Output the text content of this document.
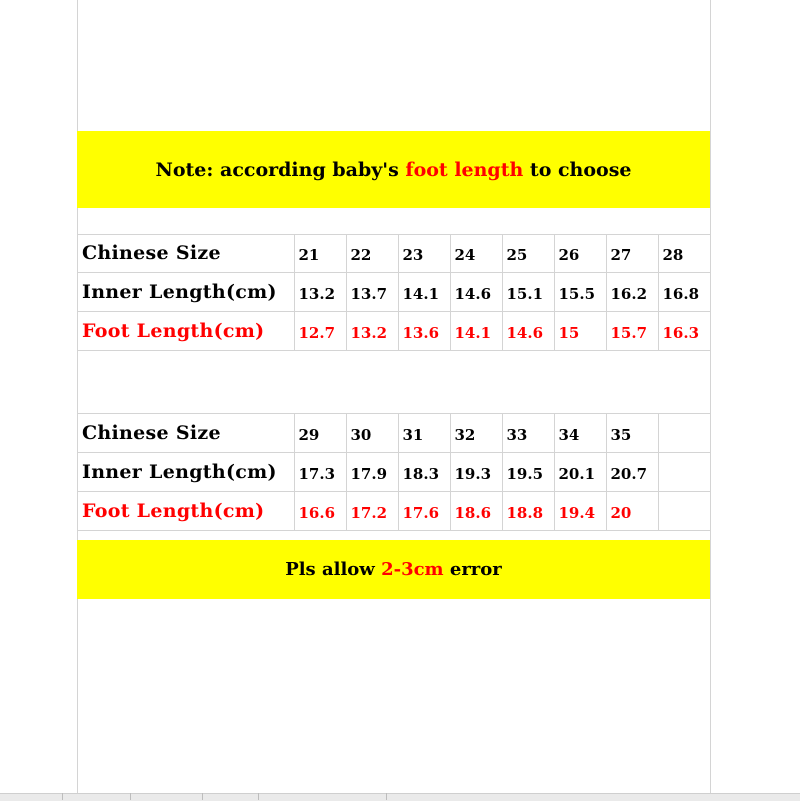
Note: according baby's foot length to choose
Chinese Size	21	22	23	24	25	26	27	28
Inner Length(cm)	13.2	13.7	14.1	14.6	15.1	15.5	16.2	16.8
Foot Length(cm)	12.7	13.2	13.6	14.1	14.6	15	15.7	16.3
Chinese Size	29	30	31	32	33	34	35	
Inner Length(cm)	17.3	17.9	18.3	19.3	19.5	20.1	20.7	
Foot Length(cm)	16.6	17.2	17.6	18.6	18.8	19.4	20	
Pls allow 2-3cm error
